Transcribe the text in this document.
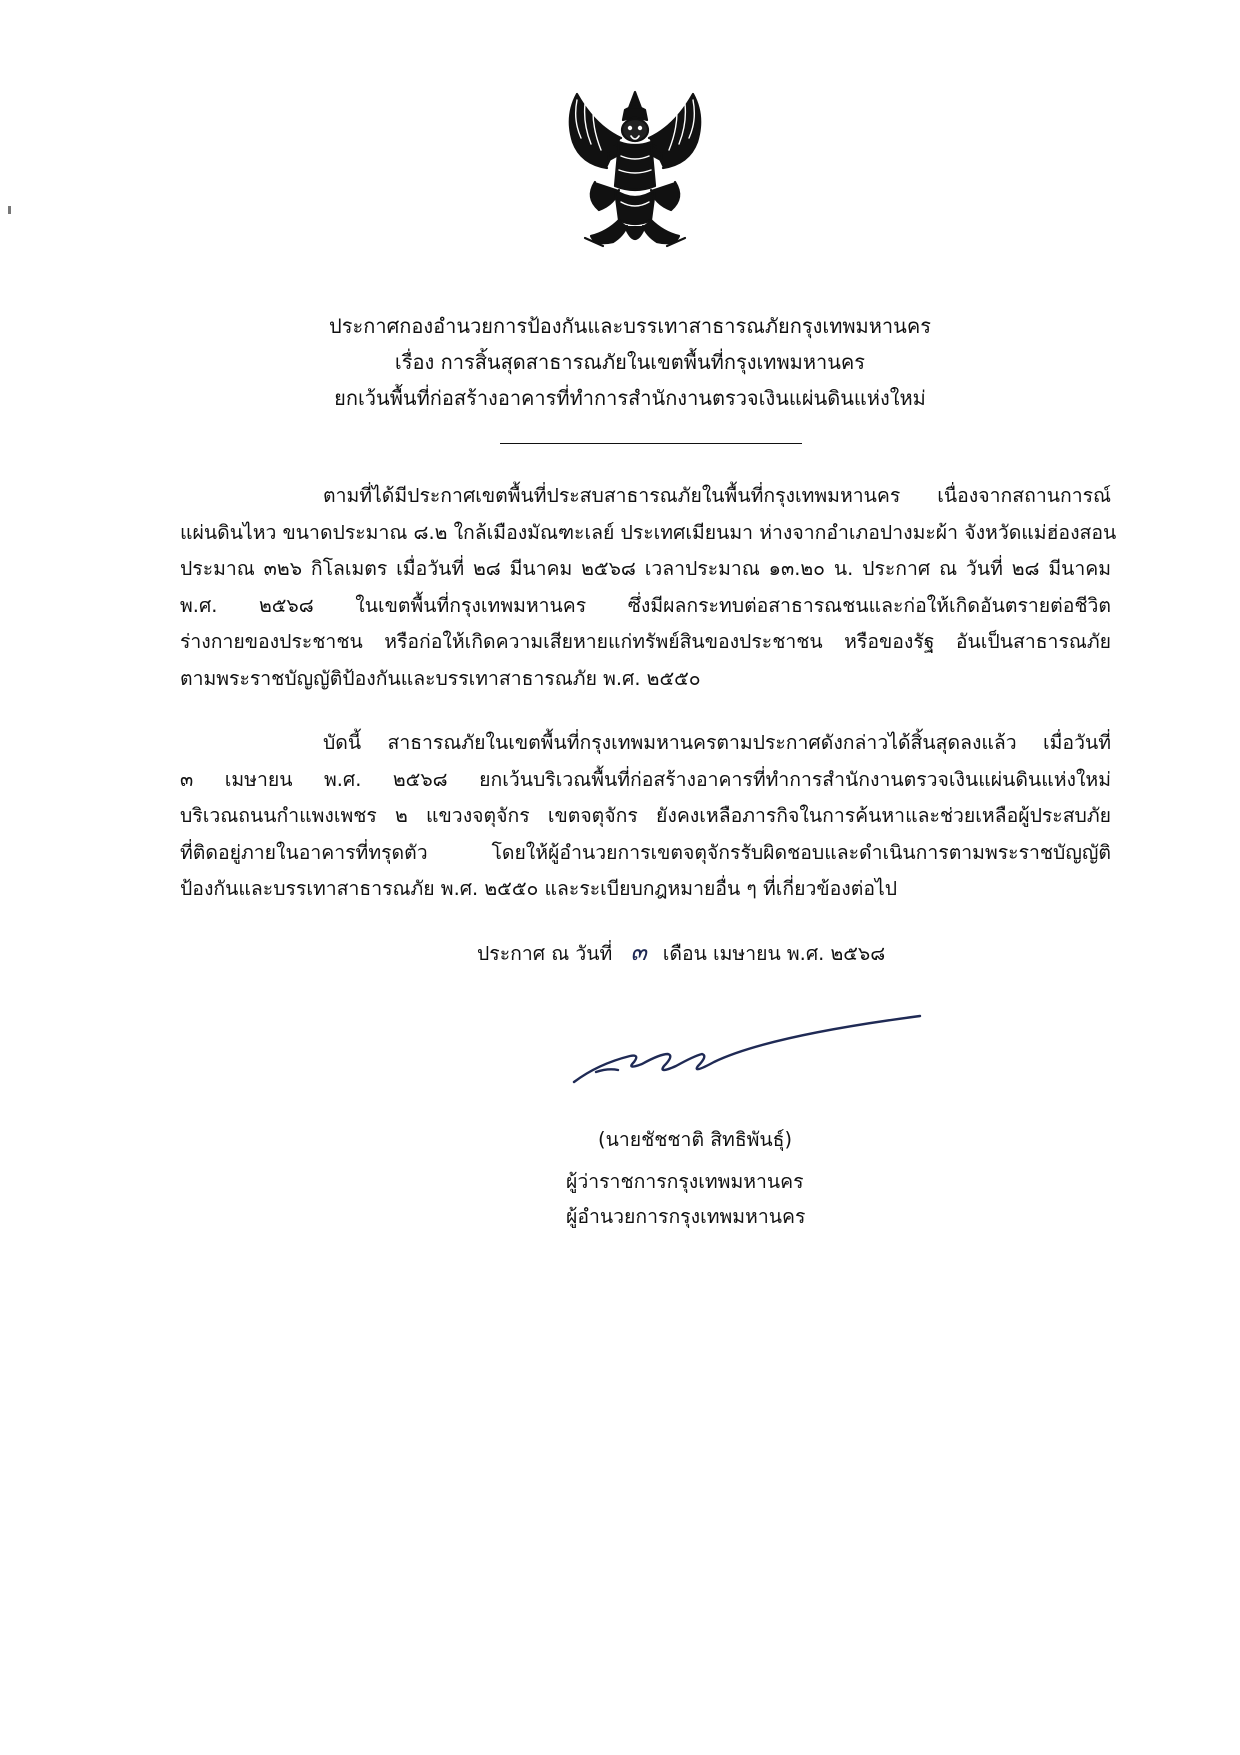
ประกาศกองอำนวยการป้องกันและบรรเทาสาธารณภัยกรุงเทพมหานคร
เรื่อง การสิ้นสุดสาธารณภัยในเขตพื้นที่กรุงเทพมหานคร
ยกเว้นพื้นที่ก่อสร้างอาคารที่ทำการสำนักงานตรวจเงินแผ่นดินแห่งใหม่
ตามที่ได้มีประกาศเขตพื้นที่ประสบสาธารณภัยในพื้นที่กรุงเทพมหานคร เนื่องจากสถานการณ์
แผ่นดินไหว ขนาดประมาณ ๘.๒ ใกล้เมืองมัณฑะเลย์ ประเทศเมียนมา ห่างจากอำเภอปางมะผ้า จังหวัดแม่ฮ่องสอน
ประมาณ ๓๒๖ กิโลเมตร เมื่อวันที่ ๒๘ มีนาคม ๒๕๖๘ เวลาประมาณ ๑๓.๒๐ น. ประกาศ ณ วันที่ ๒๘ มีนาคม
พ.ศ. ๒๕๖๘ ในเขตพื้นที่กรุงเทพมหานคร ซึ่งมีผลกระทบต่อสาธารณชนและก่อให้เกิดอันตรายต่อชีวิต
ร่างกายของประชาชน หรือก่อให้เกิดความเสียหายแก่ทรัพย์สินของประชาชน หรือของรัฐ อันเป็นสาธารณภัย
ตามพระราชบัญญัติป้องกันและบรรเทาสาธารณภัย พ.ศ. ๒๕๕๐
บัดนี้ สาธารณภัยในเขตพื้นที่กรุงเทพมหานครตามประกาศดังกล่าวได้สิ้นสุดลงแล้ว เมื่อวันที่
๓ เมษายน พ.ศ. ๒๕๖๘ ยกเว้นบริเวณพื้นที่ก่อสร้างอาคารที่ทำการสำนักงานตรวจเงินแผ่นดินแห่งใหม่
บริเวณถนนกำแพงเพชร ๒ แขวงจตุจักร เขตจตุจักร ยังคงเหลือภารกิจในการค้นหาและช่วยเหลือผู้ประสบภัย
ที่ติดอยู่ภายในอาคารที่ทรุดตัว โดยให้ผู้อำนวยการเขตจตุจักรรับผิดชอบและดำเนินการตามพระราชบัญญัติ
ป้องกันและบรรเทาสาธารณภัย พ.ศ. ๒๕๕๐ และระเบียบกฎหมายอื่น ๆ ที่เกี่ยวข้องต่อไป
ประกาศ ณ วันที่ ๓ เดือน เมษายน พ.ศ. ๒๕๖๘
(นายชัชชาติ สิทธิพันธุ์)
ผู้ว่าราชการกรุงเทพมหานคร
ผู้อำนวยการกรุงเทพมหานคร
